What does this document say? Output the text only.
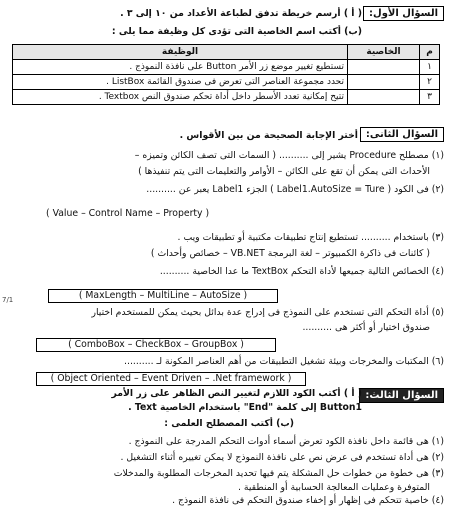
السؤال الأول:
( أ ) أرسم خريطة تدفق لطباعة الأعداد من ١٠ إلى ٣ .
(ب) أكتب اسم الخاصية التى تؤدى كل وظيفة مما يلى :
م	الخاصية	الوظيفة
١		تستطيع تغيير موضع زر الأمر Button على نافذة النموذج .
٢		تحدد مجموعة العناصر التى تعرض فى صندوق القائمة ListBox .
٣		تتيح إمكانية تعدد الأسطر داخل أداة تحكم صندوق النص Textbox .
السؤال الثانى:
أختر الإجابة الصحيحة من بين الأقواس .
(١) مصطلح Procedure يشير إلى .......... ( السمات التى تصف الكائن وتميزه –
الأحداث التى يمكن أن تقع على الكائن – الأوامر والتعليمات التى يتم تنفيذها )
(٢) فى الكود ( Label1.AutoSize = Ture ) الجزء Label1 يعبر عن ..........
( Value – Control Name – Property )
(٣) باستخدام .......... تستطيع إنتاج تطبيقات مكتبية أو تطبيقات ويب .
( كائنات فى ذاكرة الكمبيوتر – لغة البرمجة VB.NET – خصائص وأحداث )
(٤) الخصائص التالية جميعها لأداة التحكم TextBox ما عدا الخاصية ..........
( MaxLength – MultiLine – AutoSize )
(٥) أداة التحكم التى تستخدم على النموذج فى إدراج عدة بدائل بحيث يمكن للمستخدم اختيار
صندوق اختيار أو أكثر هى ..........
( ComboBox – CheckBox – GroupBox )
(٦) المكتبات والمخرجات وبيئة تشغيل التطبيقات من أهم العناصر المكونة لـ ..........
( Object Oriented – Event Driven – .Net framework )
السؤال الثالث:
( أ ) أكتب الكود اللازم لتغيير النص الظاهر على زر الأمر
Button1 إلى كلمة "End" باستخدام الخاصية Text .
(ب) أكتب المصطلح العلمى :
(١) هى قائمة داخل نافذة الكود تعرض أسماء أدوات التحكم المدرجة على النموذج .
(٢) هى أداة تستخدم فى عرض نص على نافذة النموذج لا يمكن تغييره أثناء التشغيل .
(٣) هى خطوة من خطوات حل المشكلة يتم فيها تحديد المخرجات المطلوبة والمدخلات
المتوفرة وعمليات المعالجة الحسابية أو المنطقية .
(٤) خاصية تتحكم فى إظهار أو إخفاء صندوق التحكم فى نافذة النموذج .
7/1
